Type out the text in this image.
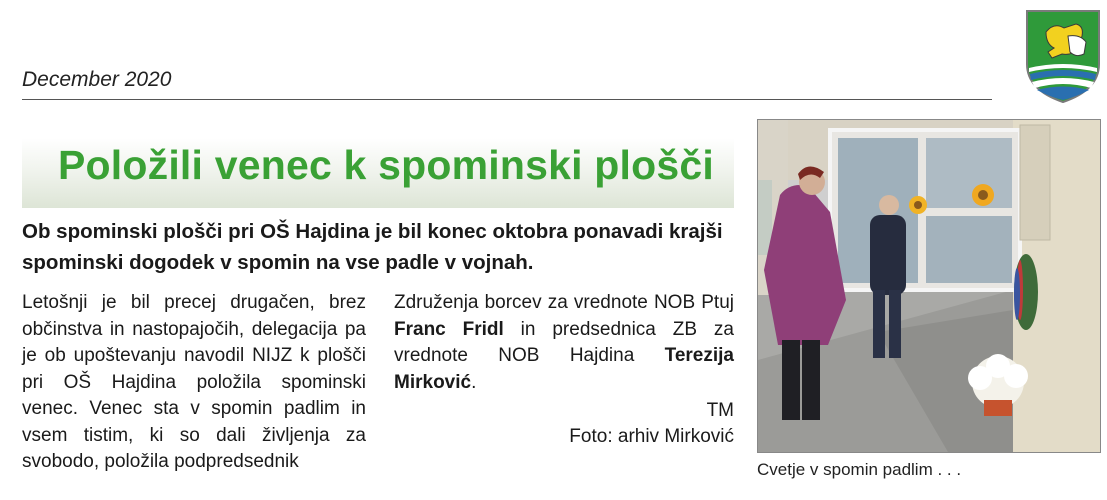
December 2020
Položili venec k spominski plošči

Ob spominski plošči pri OŠ Hajdina je bil konec oktobra ponavadi krajši spominski dogodek v spomin na vse padle v vojnah.

Letošnji je bil precej drugačen, brez občinstva in nastopajočih, delegacija pa je ob upoštevanju navodil NIJZ k plošči pri OŠ Hajdina položila spominski venec. Venec sta v spomin padlim in vsem tistim, ki so dali življenja za svobodo, položila podpredsednik

Združenja borcev za vrednote NOB Ptuj Franc Fridl in predsednica ZB za vrednote NOB Hajdina Terezija Mirković.
TM
Foto: arhiv Mirković
Cvetje v spomin padlim . . .
